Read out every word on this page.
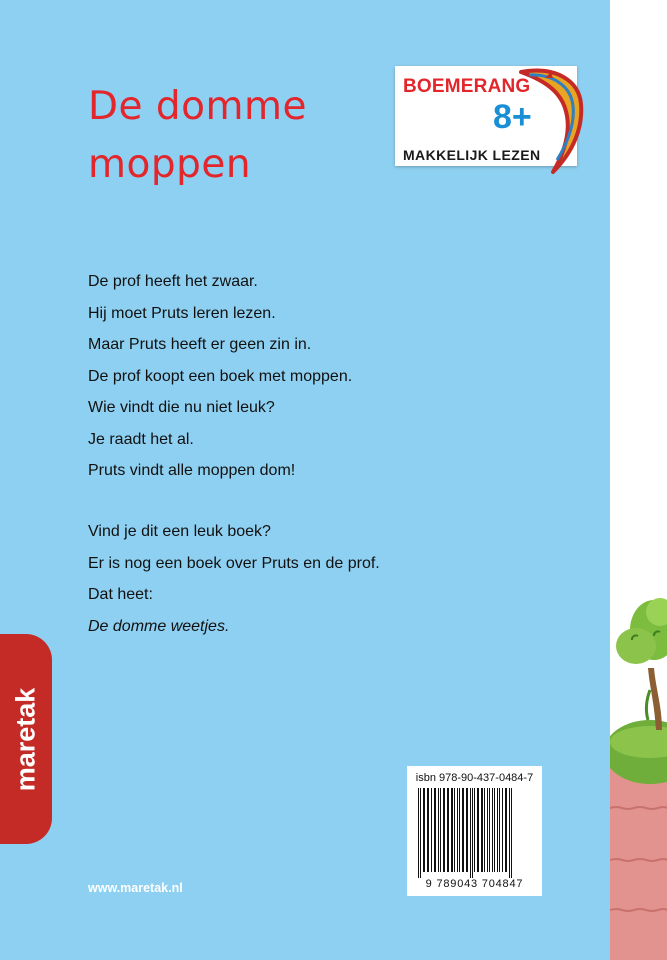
De domme
moppen
BOEMERANG
8+
MAKKELIJK LEZEN

De prof heeft het zwaar.

Hij moet Pruts leren lezen.

Maar Pruts heeft er geen zin in.

De prof koopt een boek met moppen.

Wie vindt die nu niet leuk?

Je raadt het al.

Pruts vindt alle moppen dom!

Vind je dit een leuk boek?

Er is nog een boek over Pruts en de prof.

Dat heet:

De domme weetjes.

maretak
www.maretak.nl
isbn 978-90-437-0484-7
9 789043 704847
